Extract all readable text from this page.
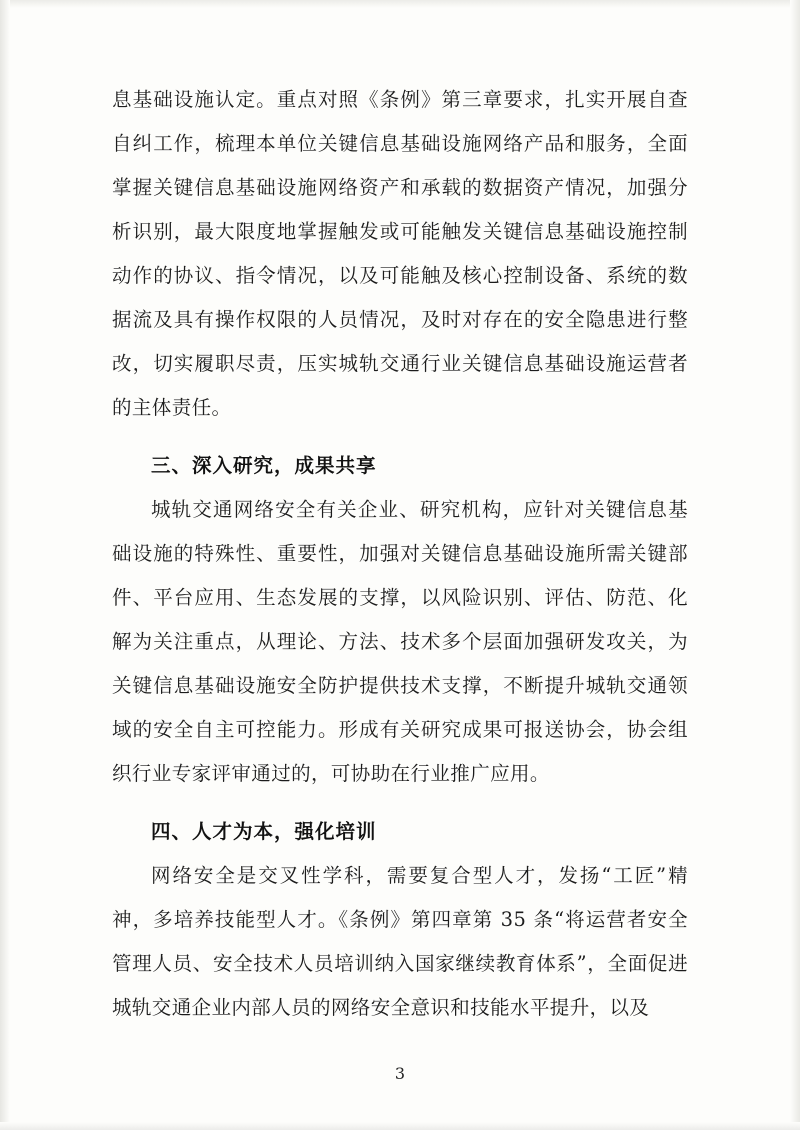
息基础设施认定。重点对照《条例》第三章要求，扎实开展自查自纠工作，梳理本单位关键信息基础设施网络产品和服务，全面掌握关键信息基础设施网络资产和承载的数据资产情况，加强分析识别，最大限度地掌握触发或可能触发关键信息基础设施控制动作的协议、指令情况，以及可能触及核心控制设备、系统的数据流及具有操作权限的人员情况，及时对存在的安全隐患进行整改，切实履职尽责，压实城轨交通行业关键信息基础设施运营者的主体责任。

三、深入研究，成果共享

城轨交通网络安全有关企业、研究机构，应针对关键信息基础设施的特殊性、重要性，加强对关键信息基础设施所需关键部件、平台应用、生态发展的支撑，以风险识别、评估、防范、化解为关注重点，从理论、方法、技术多个层面加强研发攻关，为关键信息基础设施安全防护提供技术支撑，不断提升城轨交通领域的安全自主可控能力。形成有关研究成果可报送协会，协会组织行业专家评审通过的，可协助在行业推广应用。

四、人才为本，强化培训

网络安全是交叉性学科，需要复合型人才，发扬“工匠”精神，多培养技能型人才。《条例》第四章第 35 条“将运营者安全管理人员、安全技术人员培训纳入国家继续教育体系”，全面促进城轨交通企业内部人员的网络安全意识和技能水平提升，以及

3
